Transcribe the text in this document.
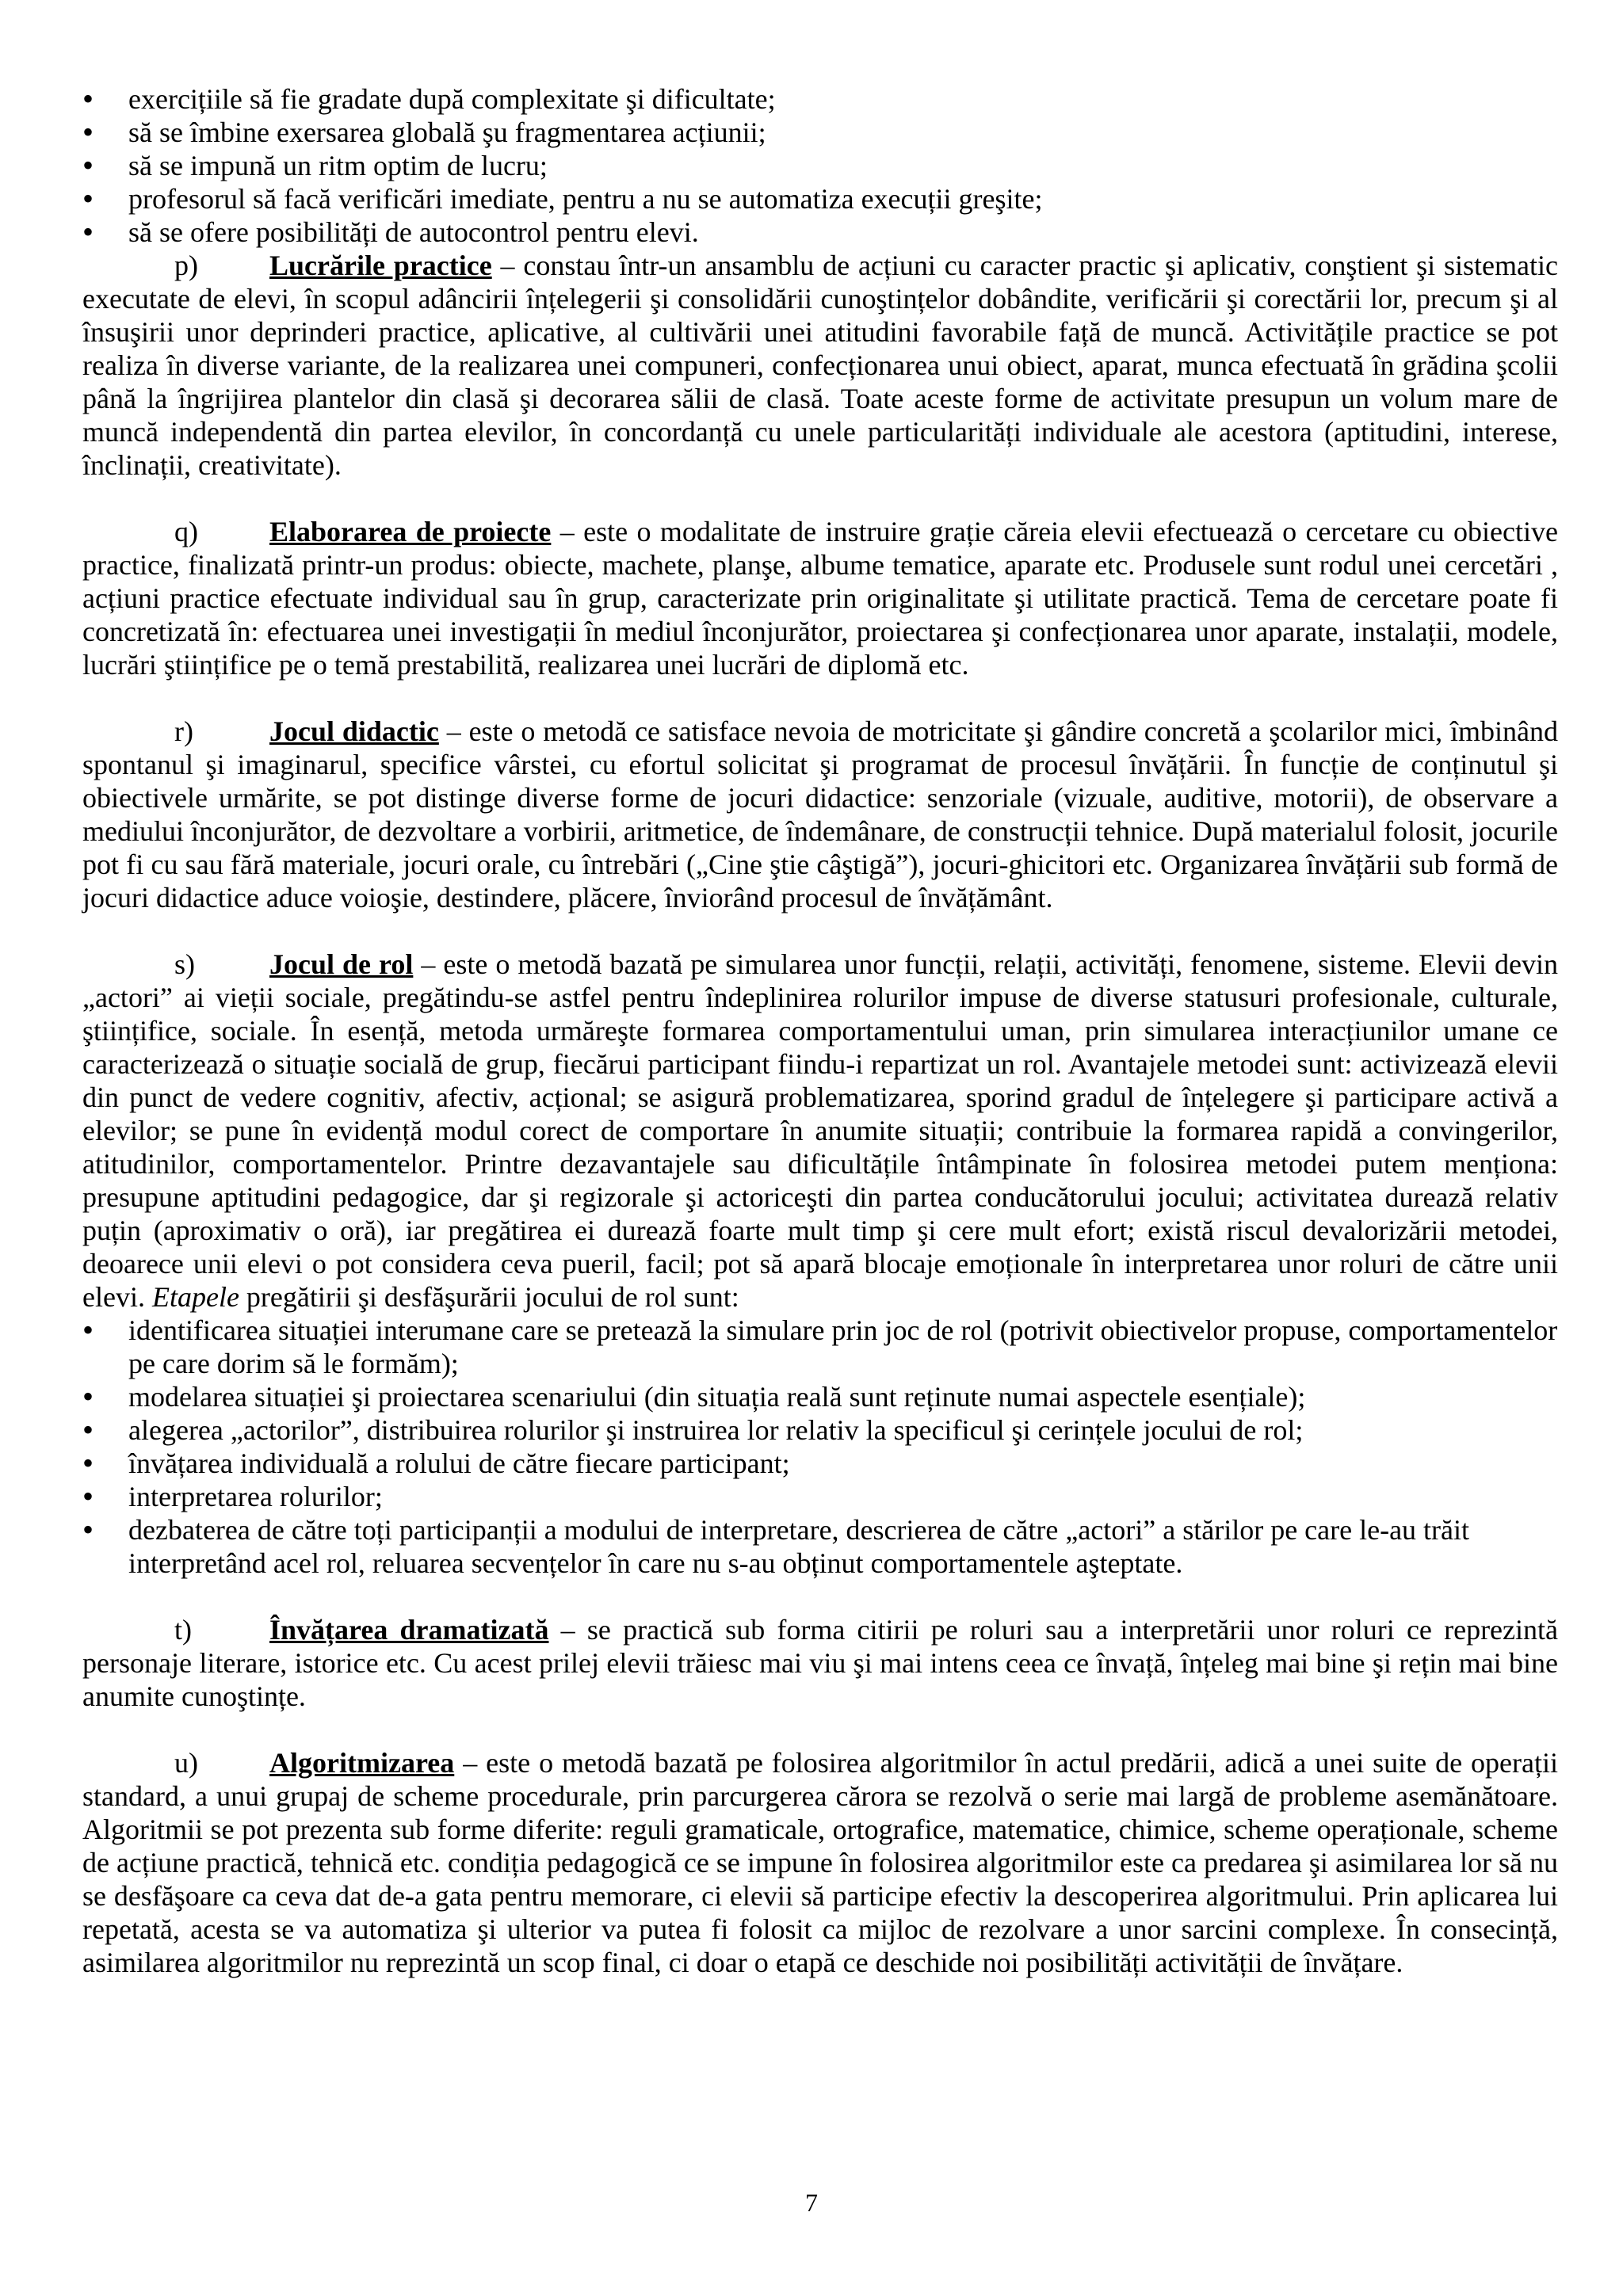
• exercițiile să fie gradate după complexitate şi dificultate;
• să se îmbine exersarea globală şu fragmentarea acțiunii;
• să se impună un ritm optim de lucru;
• profesorul să facă verificări imediate, pentru a nu se automatiza execuții greşite;
• să se ofere posibilități de autocontrol pentru elevi.

p)	Lucrările practice – constau într-un ansamblu de acțiuni cu caracter practic şi aplicativ, conştient şi sistematic executate de elevi, în scopul adâncirii înțelegerii şi consolidării cunoştințelor dobândite, verificării şi corectării lor, precum şi al însuşirii unor deprinderi practice, aplicative, al cultivării unei atitudini favorabile față de muncă. Activitățile practice se pot realiza în diverse variante, de la realizarea unei compuneri, confecționarea unui obiect, aparat, munca efectuată în grădina şcolii până la îngrijirea plantelor din clasă şi decorarea sălii de clasă. Toate aceste forme de activitate presupun un volum mare de muncă independentă din partea elevilor, în concordanță cu unele particularități individuale ale acestora (aptitudini, interese, înclinații, creativitate).

q)	Elaborarea de proiecte – este o modalitate de instruire grație căreia elevii efectuează o cercetare cu obiective practice, finalizată printr-un produs: obiecte, machete, planşe, albume tematice, aparate etc. Produsele sunt rodul unei cercetări , acțiuni practice efectuate individual sau în grup, caracterizate prin originalitate şi utilitate practică. Tema de cercetare poate fi concretizată în: efectuarea unei investigații în mediul înconjurător, proiectarea şi confecționarea unor aparate, instalații, modele, lucrări ştiințifice pe o temă prestabilită, realizarea unei lucrări de diplomă etc.

r)	Jocul didactic – este o metodă ce satisface nevoia de motricitate şi gândire concretă a şcolarilor mici, îmbinând spontanul şi imaginarul, specifice vârstei, cu efortul solicitat şi programat de procesul învățării. În funcție de conținutul şi obiectivele urmărite, se pot distinge diverse forme de jocuri didactice: senzoriale (vizuale, auditive, motorii), de observare a mediului înconjurător, de dezvoltare a vorbirii, aritmetice, de îndemânare, de construcții tehnice. După materialul folosit, jocurile pot fi cu sau fără materiale, jocuri orale, cu întrebări („Cine ştie câştigă”), jocuri-ghicitori etc. Organizarea învățării sub formă de jocuri didactice aduce voioşie, destindere, plăcere, înviorând procesul de învățământ.

s)	Jocul de rol – este o metodă bazată pe simularea unor funcții, relații, activități, fenomene, sisteme. Elevii devin „actori” ai vieții sociale, pregătindu-se astfel pentru îndeplinirea rolurilor impuse de diverse statusuri profesionale, culturale, ştiințifice, sociale. În esență, metoda urmăreşte formarea comportamentului uman, prin simularea interacțiunilor umane ce caracterizează o situație socială de grup, fiecărui participant fiindu-i repartizat un rol. Avantajele metodei sunt: activizează elevii din punct de vedere cognitiv, afectiv, acțional; se asigură problematizarea, sporind gradul de înțelegere şi participare activă a elevilor; se pune în evidență modul corect de comportare în anumite situații; contribuie la formarea rapidă a convingerilor, atitudinilor, comportamentelor. Printre dezavantajele sau dificultățile întâmpinate în folosirea metodei putem menționa: presupune aptitudini pedagogice, dar şi regizorale şi actoriceşti din partea conducătorului jocului; activitatea durează relativ puțin (aproximativ o oră), iar pregătirea ei durează foarte mult timp şi cere mult efort; există riscul devalorizării metodei, deoarece unii elevi o pot considera ceva pueril, facil; pot să apară blocaje emoționale în interpretarea unor roluri de către unii elevi. Etapele pregătirii şi desfăşurării jocului de rol sunt:

• identificarea situației interumane care se pretează la simulare prin joc de rol (potrivit obiectivelor propuse, comportamentelor pe care dorim să le formăm);
• modelarea situației şi proiectarea scenariului (din situația reală sunt reținute numai aspectele esențiale);
• alegerea „actorilor”, distribuirea rolurilor şi instruirea lor relativ la specificul şi cerințele jocului de rol;
• învățarea individuală a rolului de către fiecare participant;
• interpretarea rolurilor;
• dezbaterea de către toți participanții a modului de interpretare, descrierea de către „actori” a stărilor pe care le-au trăit interpretând acel rol, reluarea secvențelor în care nu s-au obținut comportamentele aşteptate.

t)	Învățarea dramatizată – se practică sub forma citirii pe roluri sau a interpretării unor roluri ce reprezintă personaje literare, istorice etc. Cu acest prilej elevii trăiesc mai viu şi mai intens ceea ce învață, înțeleg mai bine şi rețin mai bine anumite cunoştințe.

u)	Algoritmizarea – este o metodă bazată pe folosirea algoritmilor în actul predării, adică a unei suite de operații standard, a unui grupaj de scheme procedurale, prin parcurgerea cărora se rezolvă o serie mai largă de probleme asemănătoare. Algoritmii se pot prezenta sub forme diferite: reguli gramaticale, ortografice, matematice, chimice, scheme operaționale, scheme de acțiune practică, tehnică etc. condiția pedagogică ce se impune în folosirea algoritmilor este ca predarea şi asimilarea lor să nu se desfăşoare ca ceva dat de-a gata pentru memorare, ci elevii să participe efectiv la descoperirea algoritmului. Prin aplicarea lui repetată, acesta se va automatiza şi ulterior va putea fi folosit ca mijloc de rezolvare a unor sarcini complexe. În consecință, asimilarea algoritmilor nu reprezintă un scop final, ci doar o etapă ce deschide noi posibilități activității de învățare.

7
